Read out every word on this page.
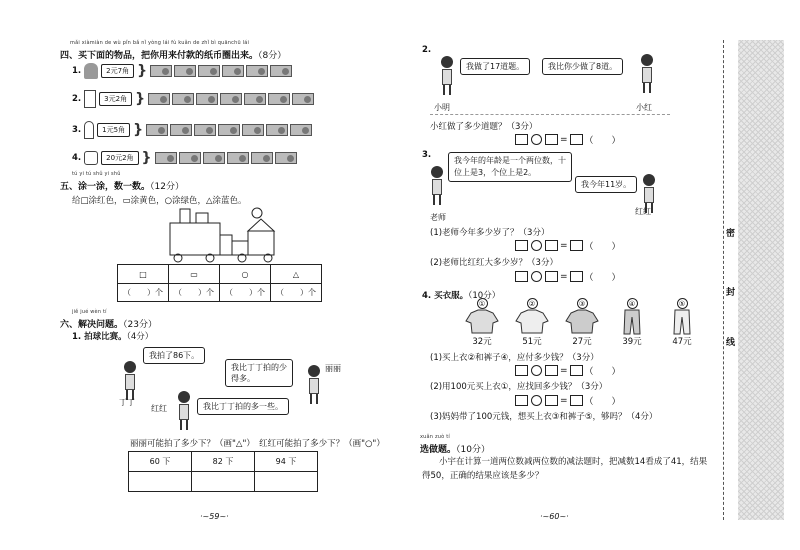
mǎi xiàmiàn de wù pǐn bǎ nǐ yòng lái fù kuǎn de zhǐ bì quānchū lái
四、买下面的物品，把你用来付款的纸币圈出来。（8分）
1.	2元7角 }
2.	3元2角 }
3.	1元5角 }
4.	20元2角 }
tú yi tú shǔ yi shǔ
五、涂一涂，数一数。（12分）
给□涂红色，▭涂黄色，○涂绿色，△涂蓝色。
□	▭	○	△
（　　）个	（　　）个	（　　）个	（　　）个
jiě jué wèn tí
六、解决问题。（23分）
1. 拍球比赛。（4分）
丁丁
我拍了86下。
红红	我比丁丁拍的多一些。
我比丁丁拍的少得多。
丽丽
丽丽可能拍了多少下？（画"△"）　红红可能拍了多少下？（画"○"）
60 下	82 下	94 下

·~59~·
2.
我做了17道题。	我比你少做了8道。
小明	小红
小红做了多少道题？（3分）
= （　　）
3.
我今年的年龄是一个两位数，十位上是3，个位上是2。
我今年11岁。
老师
红红
(1)老师今年多少岁了？（3分）
= （　　）
(2)老师比红红大多少岁？（3分）
= （　　）
4. 买衣服。（10分）
①
32元
②
51元
③
27元
④
39元
⑤
47元
(1)买上衣②和裤子④，应付多少钱？（3分）
= （　　）
(2)用100元买上衣①，应找回多少钱？（3分）
= （　　）
(3)妈妈带了100元钱，想买上衣③和裤子⑤，够吗？（4分）
xuǎn zuò tí
选做题。（10分）
小宇在计算一道两位数减两位数的减法题时，把减数14看成了41，结果得50，正确的结果应该是多少？
·~60~·
密
封
线
